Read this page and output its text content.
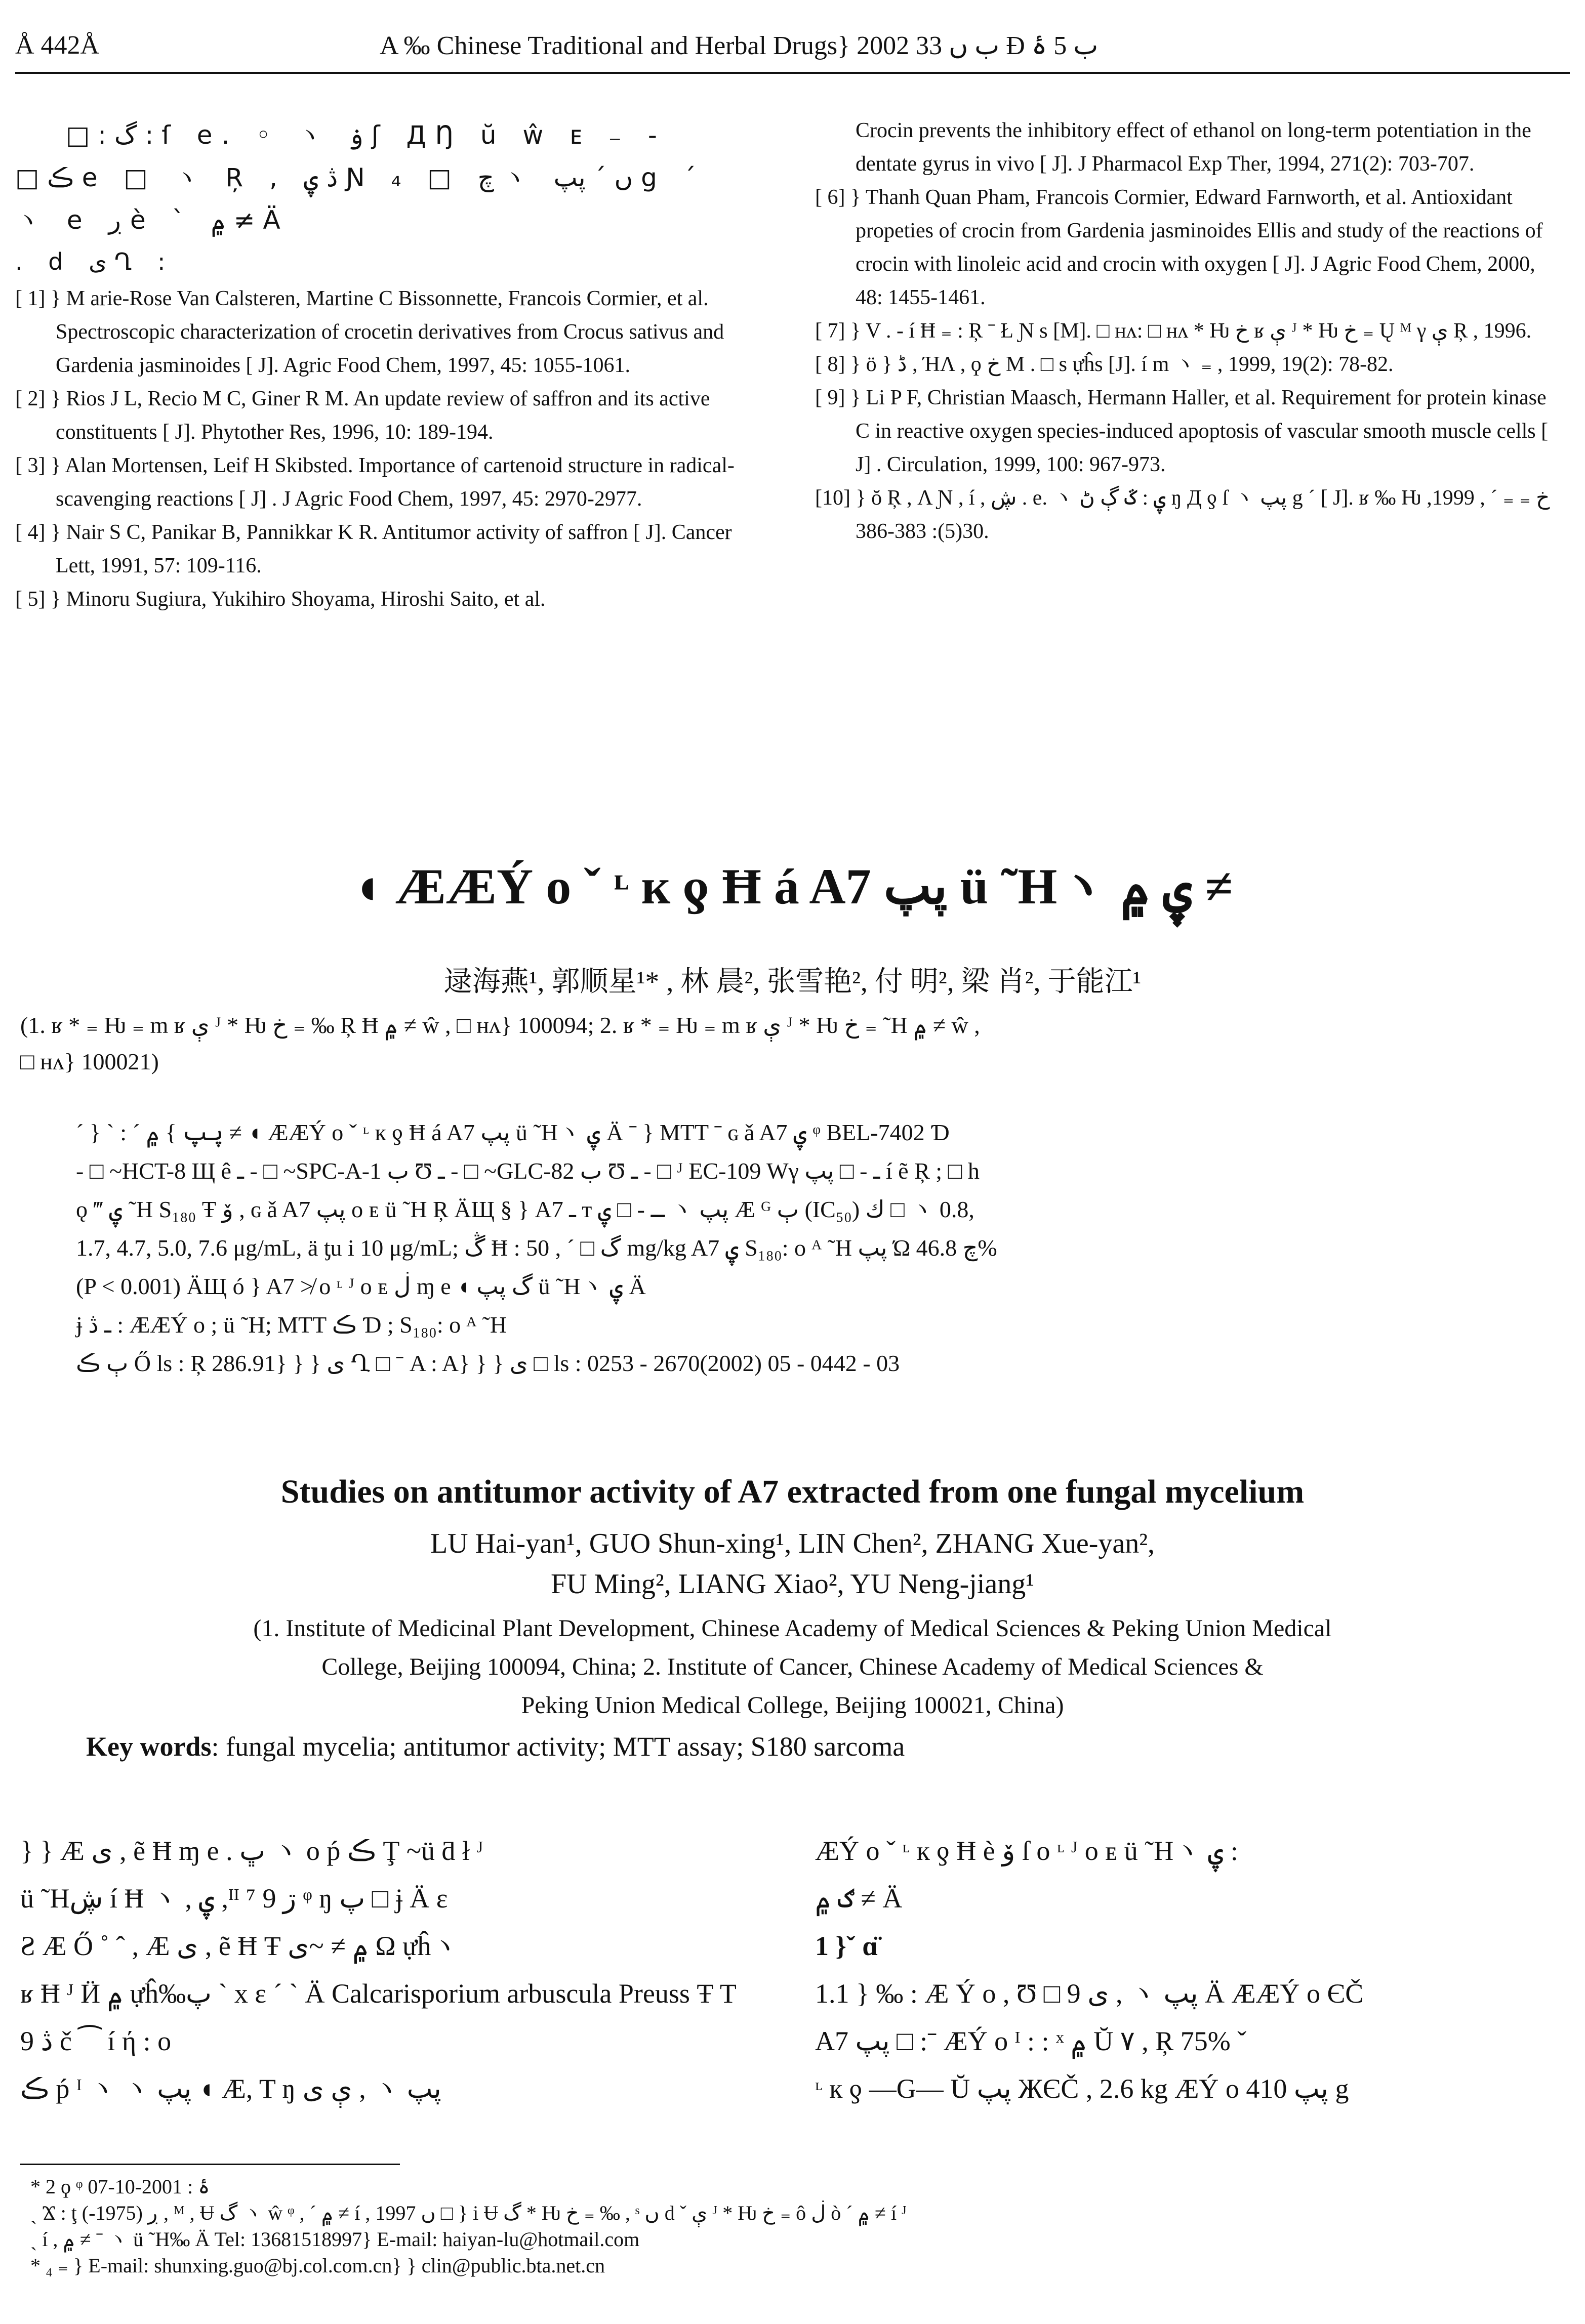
Å 442Å	A ‰ Chinese Traditional and Herbal Drugs} 2002 ب ں 33 Ð ب 5 ۂ
□ : گ : ſ e. ◦ ヽ ۏ ʃ ДŊ ŭ ŵ ᴇ ₋ -
□ ڪ e □ ヽ Ŗ , ڎ ۑ Ɲ ₄ □ چ ヽ ں ˊ پپ g ˊ
ヽ e ڔ è ˋ ۾ ≠ Ä
. d ی Ղ :

[ 1] } M arie-Rose Van Calsteren, Martine C Bissonnette, Francois Cormier, et al. Spectroscopic characterization of crocetin derivatives from Crocus sativus and Gardenia jasminoides [ J]. Agric Food Chem, 1997, 45: 1055-1061.

[ 2] } Rios J L, Recio M C, Giner R M. An update review of saffron and its active constituents [ J]. Phytother Res, 1996, 10: 189-194.

[ 3] } Alan Mortensen, Leif H Skibsted. Importance of cartenoid structure in radical-scavenging reactions [ J] . J Agric Food Chem, 1997, 45: 2970-2977.

[ 4] } Nair S C, Panikar B, Pannikkar K R. Antitumor activity of saffron [ J]. Cancer Lett, 1991, 57: 109-116.

[ 5] } Minoru Sugiura, Yukihiro Shoyama, Hiroshi Saito, et al.

Crocin prevents the inhibitory effect of ethanol on long-term potentiation in the dentate gyrus in vivo [ J]. J Pharmacol Exp Ther, 1994, 271(2): 703-707.

[ 6] } Thanh Quan Pham, Francois Cormier, Edward Farnworth, et al. Antioxidant propeties of crocin from Gardenia jasminoides Ellis and study of the reactions of crocin with linoleic acid and crocin with oxygen [ J]. J Agric Food Chem, 2000, 48: 1455-1461.

[ 7] } V . - í Ħ ₌ : Ŗ ˉ Ł Ɲ s [M]. □ ʜʌ: □ ʜʌ * Ƕ خ ʁ ې ᴶ * Ƕ خ ₌ Ų ᴹ γ ې Ŗ , 1996.

[ 8] } ö } ڈ , ΉΛ , ϙ خ M . □ s ựĥs [J]. í m ヽ ₌ , 1999, 19(2): 78-82.

[ 9] } Li P F, Christian Maasch, Hermann Haller, et al. Requirement for protein kinase C in reactive oxygen species-induced apoptosis of vascular smooth muscle cells [ J] . Circulation, 1999, 100: 967-973.

[10] } ŏ Ŗ , Λ Ɲ , í , ڜ . e. ヽ ۑ : ػ ڳ ڻ ŋ Д ƍ ſ ヽ پپ g ˊ [ J]. ʁ ‰ Ƕ خ ₌ ₌ ˊ , 1999, 30(5): 383-386.

◖ ÆÆÝ o ˇ ᶫ к ƍ Ħ á A7 پپ ü ˜Hヽ ۑ ۾ ≠
逯海燕¹, 郭顺星¹* , 林 晨², 张雪艳², 付 明², 梁 肖², 于能江¹
(1. ʁ * ₌ Ƕ ₌ m ʁ ې ᴶ * Ƕ خ ₌ ‰ Ŗ Ħ ۾ ≠ ŵ , □ ʜʌ} 100094; 2. ʁ * ₌ Ƕ ₌ m ʁ ې ᴶ * Ƕ خ ₌ ˜H ۾ ≠ ŵ ,
□ ʜʌ} 100021)
ˊ } ˋ : ˊ پپ } ۾ ≠ ◖ ÆÆÝ o ˇ ᶫ к ƍ Ħ á A7 پپ ü ˜Hヽ ۑ Ä ˉ } MTT ˉ ɢ ǎ A7 ۑ ᵠ BEL-7402 Ɗ
- □ ~HCT-8 Щ ê ـ - □ ~SPC-A-1 ب Ʊ ـ - □ ~GLC-82 ب Ʊ ـ - □ ᴶ EC-109 Wγ ـ - □ پپ í ẽ Ŗ ; □ h
ǫ ‴ ۑ ˜H S₁₈₀ Ŧ ۆ , ɢ ǎ A7 پپ o ᴇ ü ˜H Ŗ ÄЩ § } A7 ـ ᴛ ـ - □ ۑ ヽ پپ Æ ᴳ ٻ (IC₅₀) ك □ ヽ 0.8,
1.7, 4.7, 5.0, 7.6 μg/mL, ä ƫu i 10 μg/mL; ڴ Ħ : گ □ ˊ , 50 mg/kg A7 ۑ S₁₈₀: o ᴬ ˜H پپ Ώ چ 46.8%
(P < 0.001) ÄЩ ó } A7 ≯ o ᶫ ᴶ o ᴇ ڶ ɱ e ◖ گ پپ ü ˜Hヽ ۑ Ä
ɉ ـ ڎ : ÆÆÝ o ; ü ˜H; MTT ڪ Ɗ ; S₁₈₀: o ᴬ ˜H
ٻ ڪ Ő ls : Ŗ 286.91} } } ی Ղ □ ˉ A : A} } } ی □ ls : 0253 - 2670(2002) 05 - 0442 - 03
Studies on antitumor activity of A7 extracted from one fungal mycelium
LU Hai-yan¹, GUO Shun-xing¹, LIN Chen², ZHANG Xue-yan²,
FU Ming², LIANG Xiao², YU Neng-jiang¹
(1. Institute of Medicinal Plant Development, Chinese Academy of Medical Sciences & Peking Union Medical
College, Beijing 100094, China; 2. Institute of Cancer, Chinese Academy of Medical Sciences &
Peking Union Medical College, Beijing 100021, China)
Key words: fungal mycelia; antitumor activity; MTT assay; S180 sarcoma
} } Æ ی , ẽ Ħ ɱ e . ڀ ヽ o ṕ ڪ Ţ ~ü ƌ ł ᴶ
ü ˜Hڜ í Ħ ヽ , ۑ ,ᴵᴵ ⁷ 9 ڗ ᵠ ŋ پ □ ɉ Ä ɛ
Ƨ Æ Ő ˚ ˆ , Æ ی , ẽ Ħ Ŧ ۾ ≠ ~ی Ω ựĥヽ
ʁ Ħ ᴶ Ӥ ۾ ựĥ‰پ ˋ x ɛ ˊ ˋ Ä Calcarisporium arbuscula Preuss Ŧ T 9 ڎ č ⁀ í ή : o
ڪ ṕ ᴵ ヽ ヽ پپ ◖ Æ, T ŋ ې ی , ヽ پپ
ÆÝ o ˇ ᶫ к ƍ Ħ è ۆ ſ o ᶫ ᴶ o ᴇ ü ˜Hヽ ۑ :
ګ ۾ ≠ Ä
1 }ˇ ɑ̈
1.1 } ‰ : Æ Ý o , Ʊ □ 9 ی , ヽ پپ Ä ÆÆÝ o ЄČ
A7 پپ □ :ˉ ÆÝ o ᴵ : : ˣ ۾ Ŭ ۷ , Ŗ 75% ˇ
ᶫ к ƍ —G— Ŭ پپ ЖЄČ , 2.6 kg ÆÝ o پپ 410 g
* 2 ϙ ᵠ ۂ : 2001-10-07
ˏ Ϫ : ţ ڔ (1975-) , ᴹ , Ʉ گ ヽ ŵ ᵠ , ˊ ۾ ≠ í , 1997 ں □ } i Ʉ گ * Ƕ خ ₌ ‰ , ˢ ں d ˇ ې ᴶ * Ƕ خ ₌ ô ڶ ò ˊ ۾ ≠ í ᴶ
ˏ í , ۾ ≠ ˉ ヽ ü ˜H‰ Ä Tel: 13681518997} E-mail: haiyan-lu@hotmail.com
* ₄ ₌ } E-mail: shunxing.guo@bj.col.com.cn} } clin@public.bta.net.cn
